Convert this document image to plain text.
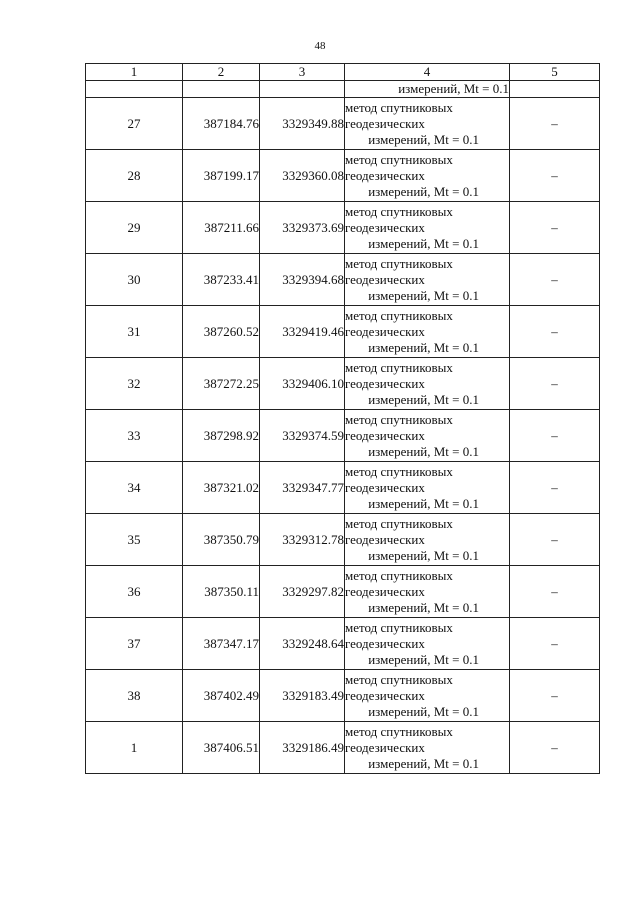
48
1	2	3	4	5
			измерений, Mt = 0.1	
27	387184.76	3329349.88	метод спутниковых
геодезических
измерений, Mt = 0.1	–
28	387199.17	3329360.08	метод спутниковых
геодезических
измерений, Mt = 0.1	–
29	387211.66	3329373.69	метод спутниковых
геодезических
измерений, Mt = 0.1	–
30	387233.41	3329394.68	метод спутниковых
геодезических
измерений, Mt = 0.1	–
31	387260.52	3329419.46	метод спутниковых
геодезических
измерений, Mt = 0.1	–
32	387272.25	3329406.10	метод спутниковых
геодезических
измерений, Mt = 0.1	–
33	387298.92	3329374.59	метод спутниковых
геодезических
измерений, Mt = 0.1	–
34	387321.02	3329347.77	метод спутниковых
геодезических
измерений, Mt = 0.1	–
35	387350.79	3329312.78	метод спутниковых
геодезических
измерений, Mt = 0.1	–
36	387350.11	3329297.82	метод спутниковых
геодезических
измерений, Mt = 0.1	–
37	387347.17	3329248.64	метод спутниковых
геодезических
измерений, Mt = 0.1	–
38	387402.49	3329183.49	метод спутниковых
геодезических
измерений, Mt = 0.1	–
1	387406.51	3329186.49	метод спутниковых
геодезических
измерений, Mt = 0.1	–
